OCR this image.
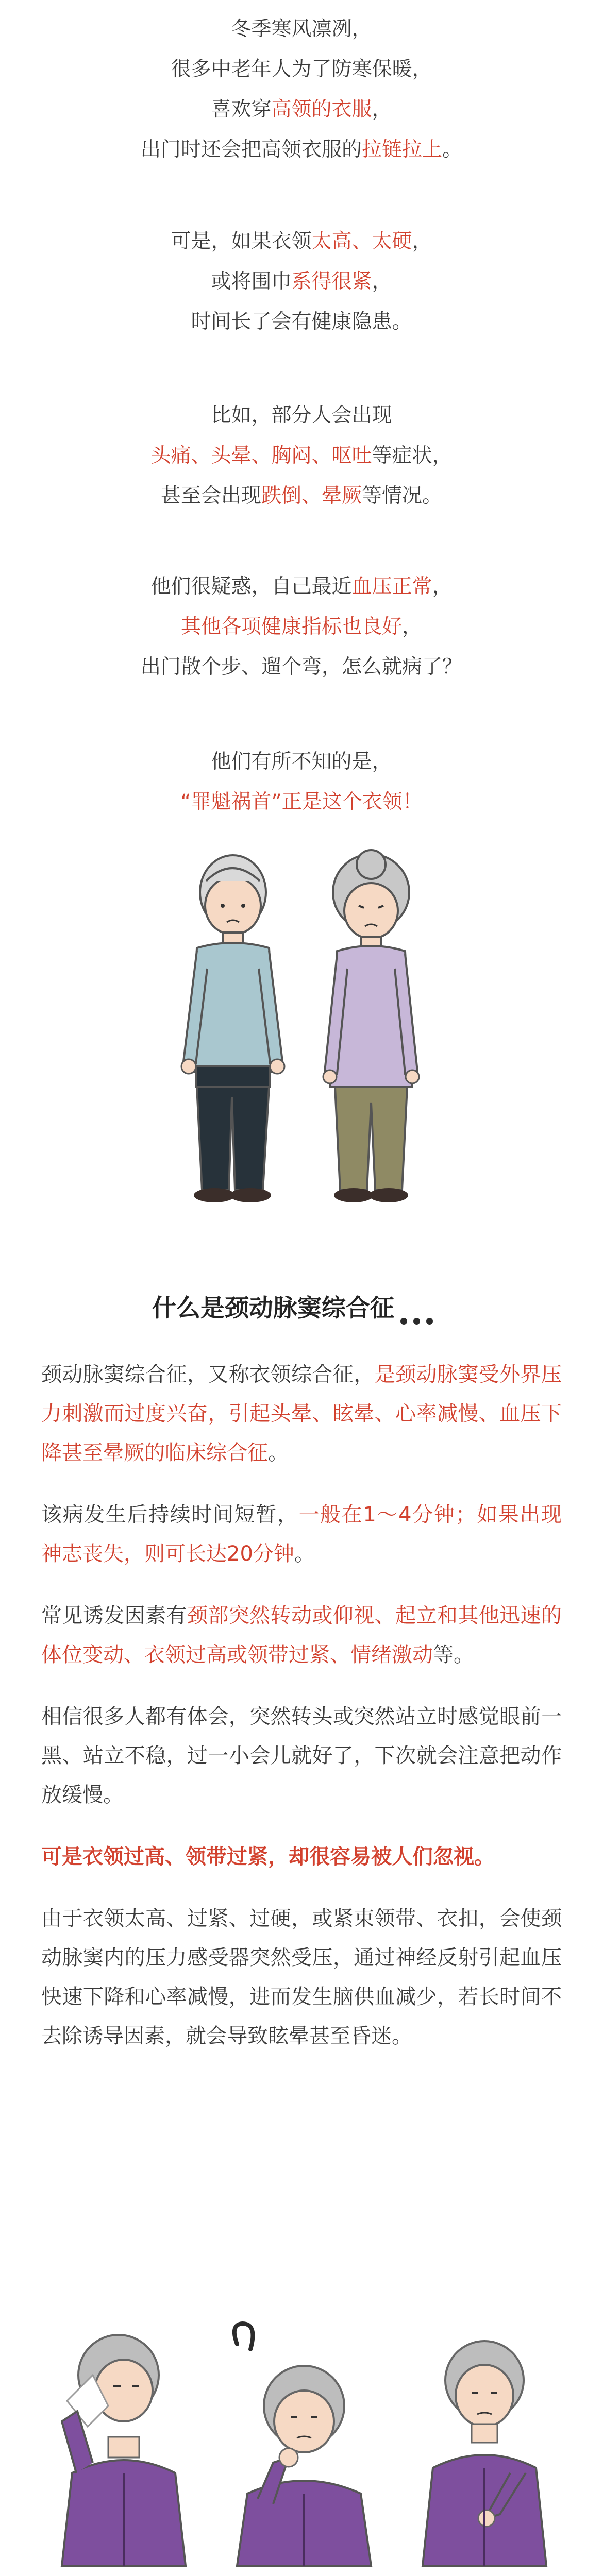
冬季寒风凛冽，

很多中老年人为了防寒保暖，

喜欢穿高领的衣服，

出门时还会把高领衣服的拉链拉上。

可是，如果衣领太高、太硬，

或将围巾系得很紧，

时间长了会有健康隐患。

比如，部分人会出现

头痛、头晕、胸闷、呕吐等症状，

甚至会出现跌倒、晕厥等情况。

他们很疑惑，自己最近血压正常，

其他各项健康指标也良好，

出门散个步、遛个弯，怎么就病了？

他们有所不知的是，

“罪魁祸首”正是这个衣领！

什么是颈动脉窦综合征

颈动脉窦综合征，又称衣领综合征，是颈动脉窦受外界压力刺激而过度兴奋，引起头晕、眩晕、心率减慢、血压下降甚至晕厥的临床综合征。

该病发生后持续时间短暂，一般在1～4分钟；如果出现神志丧失，则可长达20分钟。

常见诱发因素有颈部突然转动或仰视、起立和其他迅速的体位变动、衣领过高或领带过紧、情绪激动等。

相信很多人都有体会，突然转头或突然站立时感觉眼前一黑、站立不稳，过一小会儿就好了，下次就会注意把动作放缓慢。

可是衣领过高、领带过紧，却很容易被人们忽视。

由于衣领太高、过紧、过硬，或紧束领带、衣扣，会使颈动脉窦内的压力感受器突然受压，通过神经反射引起血压快速下降和心率减慢，进而发生脑供血减少，若长时间不去除诱导因素，就会导致眩晕甚至昏迷。
